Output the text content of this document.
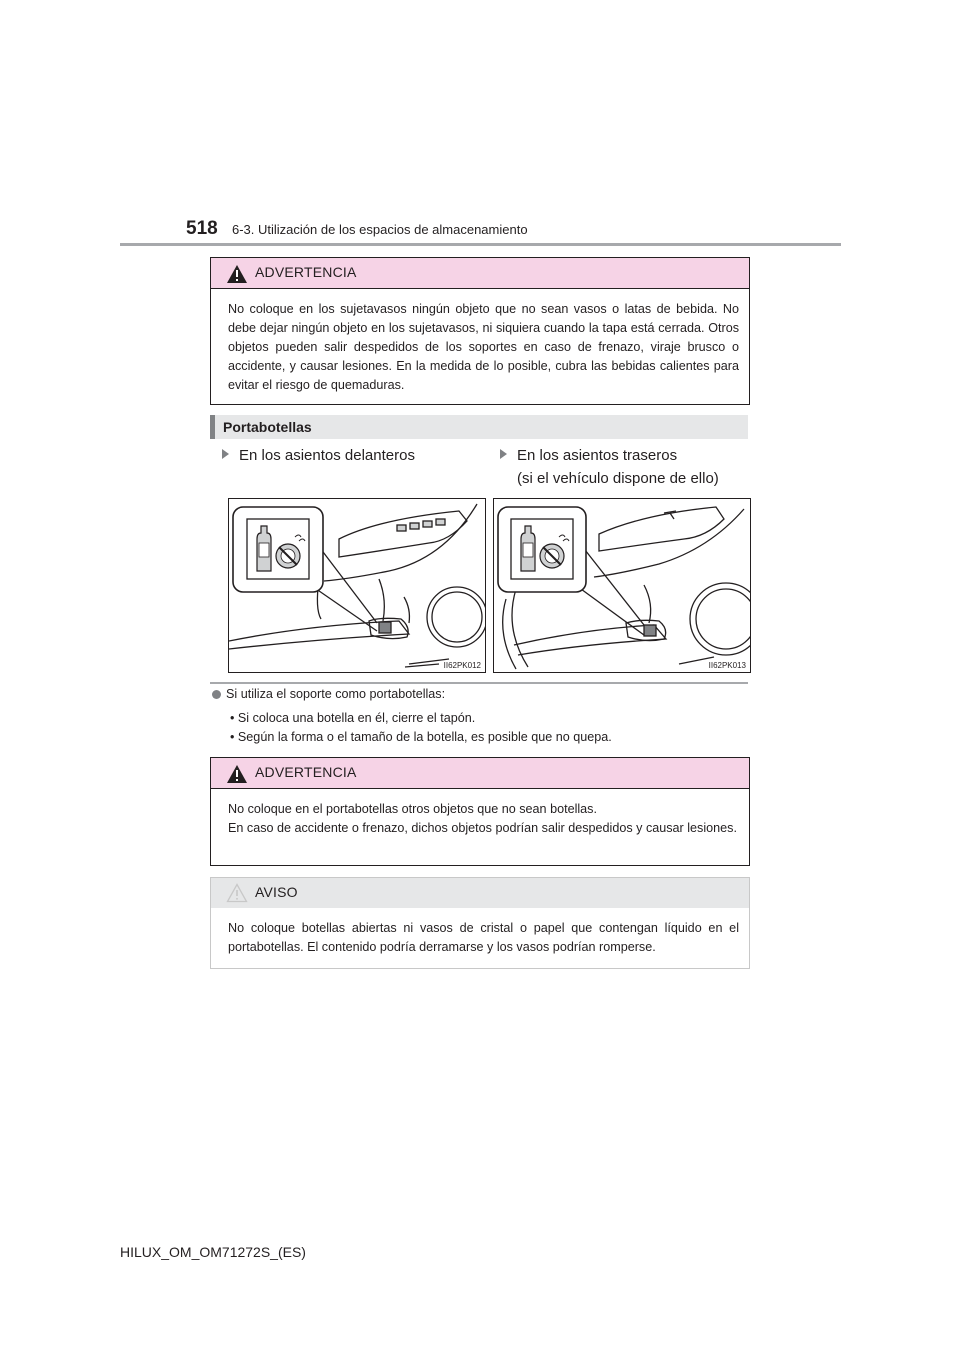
518 6-3. Utilización de los espacios de almacenamiento
ADVERTENCIA
No coloque en los sujetavasos ningún objeto que no sean vasos o latas de bebida. No debe dejar ningún objeto en los sujetavasos, ni siquiera cuando la tapa está cerrada. Otros objetos pueden salir despedidos de los soportes en caso de frenazo, viraje brusco o accidente, y causar lesiones. En la medida de lo posible, cubra las bebidas calientes para evitar el riesgo de quemaduras.
Portabotellas
En los asientos delanteros	En los asientos traseros
(si el vehículo dispone de ello)
II62PK012	II62PK013
Si utiliza el soporte como portabotellas:
• Si coloca una botella en él, cierre el tapón.
• Según la forma o el tamaño de la botella, es posible que no quepa.
ADVERTENCIA
No coloque en el portabotellas otros objetos que no sean botellas.
En caso de accidente o frenazo, dichos objetos podrían salir despedidos y causar lesiones.
AVISO
No coloque botellas abiertas ni vasos de cristal o papel que contengan líquido en el portabotellas. El contenido podría derramarse y los vasos podrían romperse.
HILUX_OM_OM71272S_(ES)
